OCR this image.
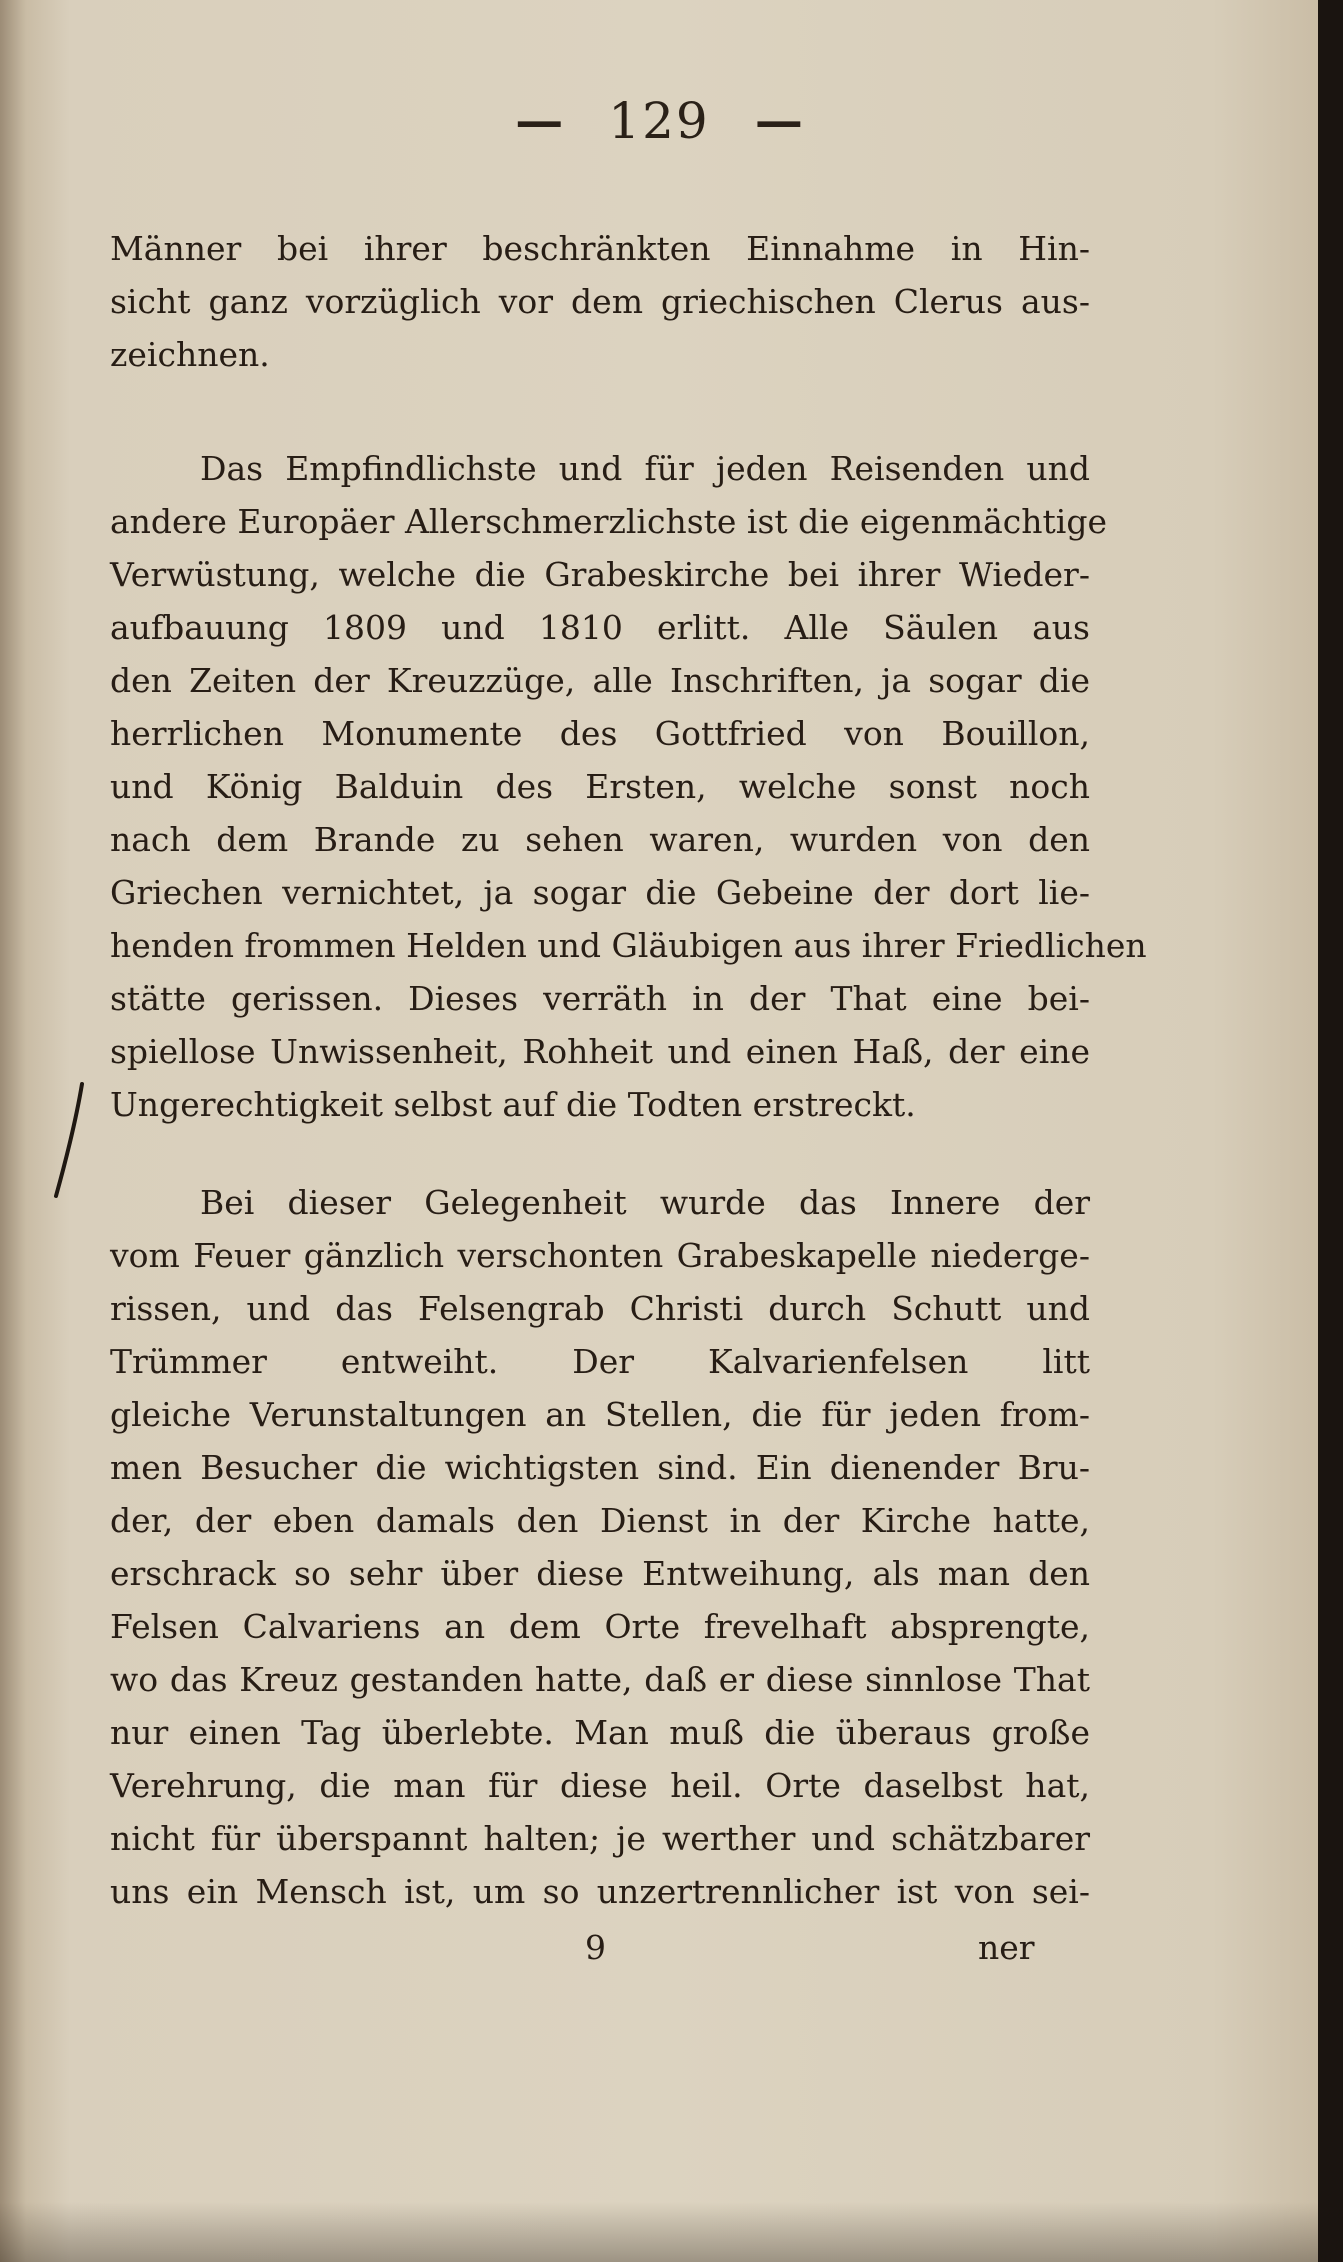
— 129 —
Männer bei ihrer beschränkten Einnahme in Hin-
sicht ganz vorzüglich vor dem griechischen Clerus aus-
zeichnen.
Das Empfindlichste und für jeden Reisenden und
andere Europäer Allerschmerzlichste ist die eigenmächtige
Verwüstung, welche die Grabeskirche bei ihrer Wieder-
aufbauung 1809 und 1810 erlitt. Alle Säulen aus
den Zeiten der Kreuzzüge, alle Inschriften, ja sogar die
herrlichen Monumente des Gottfried von Bouillon,
und König Balduin des Ersten, welche sonst noch
nach dem Brande zu sehen waren, wurden von den
Griechen vernichtet, ja sogar die Gebeine der dort lie-
henden frommen Helden und Gläubigen aus ihrer Friedlichen
stätte gerissen. Dieses verräth in der That eine bei-
spiellose Unwissenheit, Rohheit und einen Haß, der eine
Ungerechtigkeit selbst auf die Todten erstreckt.
Bei dieser Gelegenheit wurde das Innere der
vom Feuer gänzlich verschonten Grabeskapelle niederge-
rissen, und das Felsengrab Christi durch Schutt und
Trümmer entweiht. Der Kalvarienfelsen litt
gleiche Verunstaltungen an Stellen, die für jeden from-
men Besucher die wichtigsten sind. Ein dienender Bru-
der, der eben damals den Dienst in der Kirche hatte,
erschrack so sehr über diese Entweihung, als man den
Felsen Calvariens an dem Orte frevelhaft absprengte,
wo das Kreuz gestanden hatte, daß er diese sinnlose That
nur einen Tag überlebte. Man muß die überaus große
Verehrung, die man für diese heil. Orte daselbst hat,
nicht für überspannt halten; je werther und schätzbarer
uns ein Mensch ist, um so unzertrennlicher ist von sei-
9	ner
